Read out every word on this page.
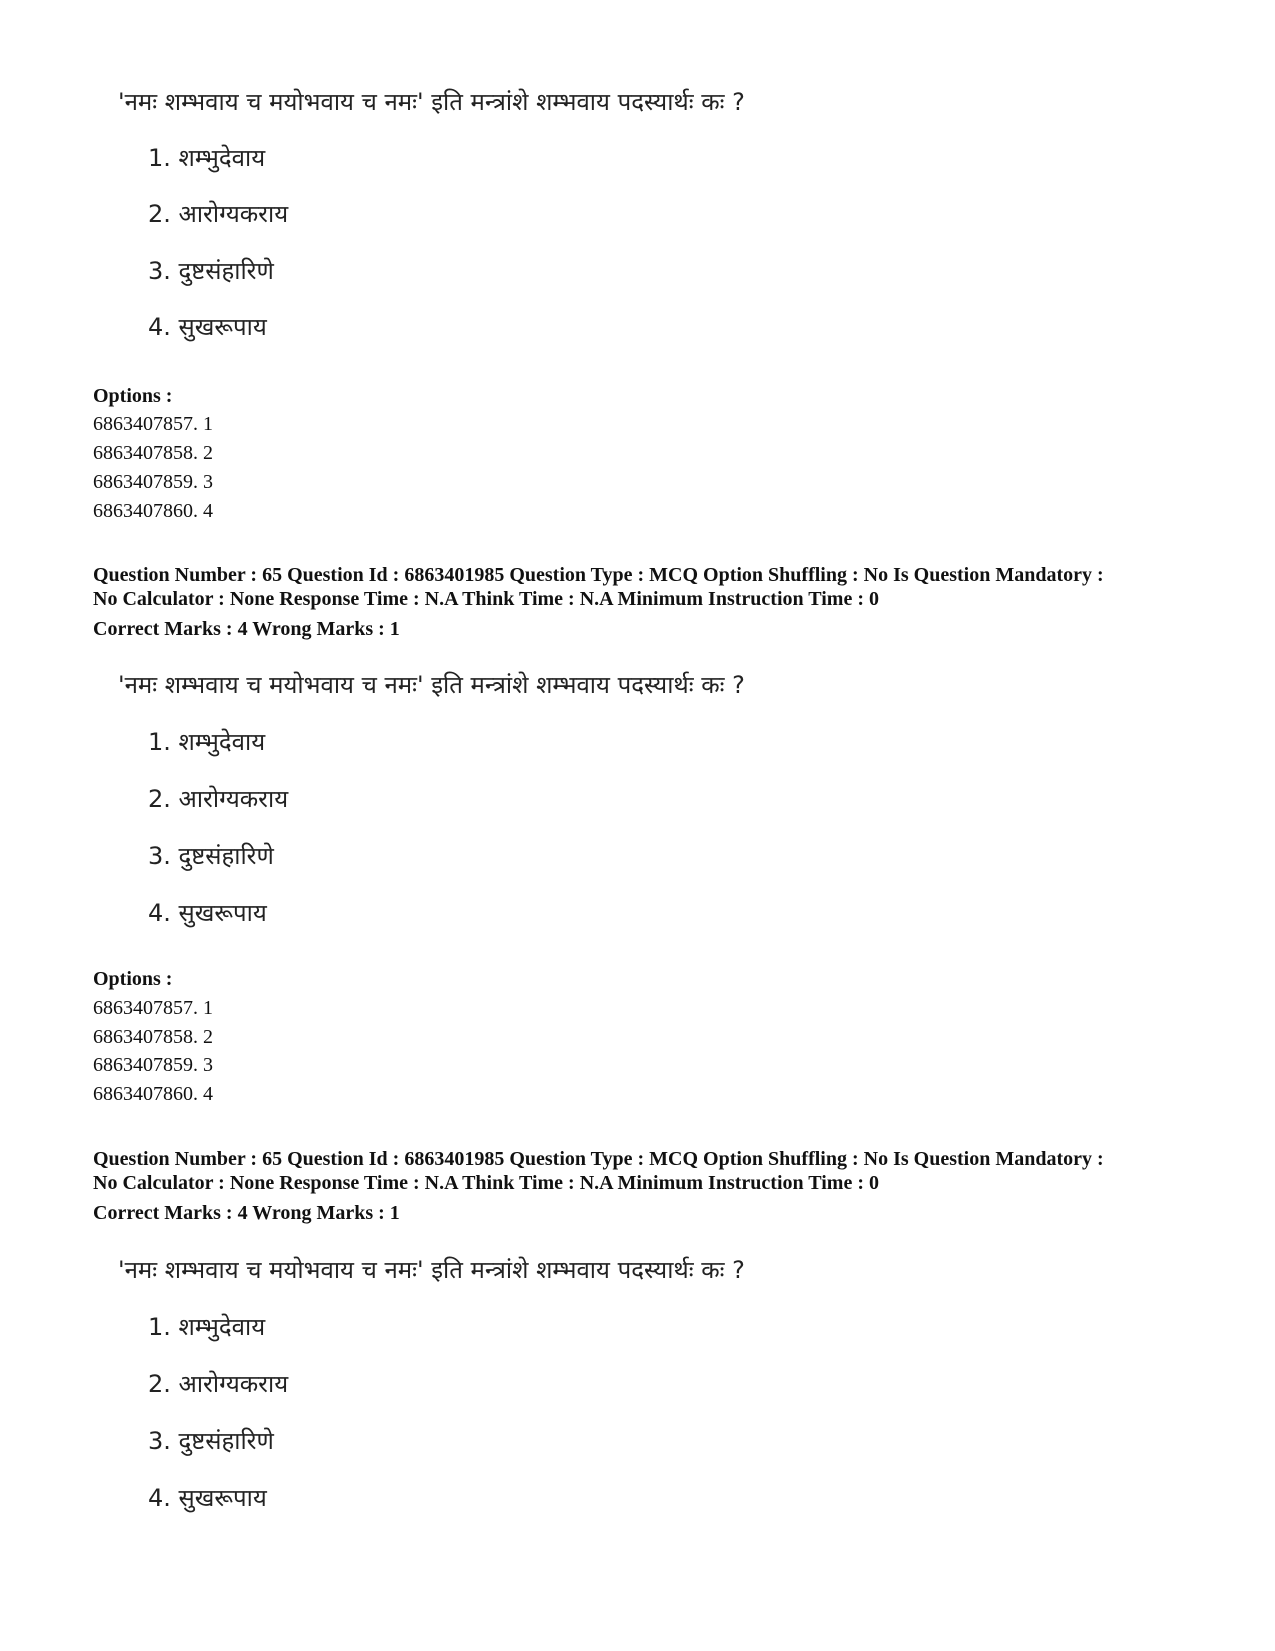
'नमः शम्भवाय च मयोभवाय च नमः' इति मन्त्रांशे शम्भवाय पदस्यार्थः कः ?
1. शम्भुदेवाय
2. आरोग्यकराय
3. दुष्टसंहारिणे
4. सुखरूपाय
Options :
6863407857. 1
6863407858. 2
6863407859. 3
6863407860. 4
Question Number : 65 Question Id : 6863401985 Question Type : MCQ Option Shuffling : No Is Question Mandatory :
No Calculator : None Response Time : N.A Think Time : N.A Minimum Instruction Time : 0
Correct Marks : 4 Wrong Marks : 1
'नमः शम्भवाय च मयोभवाय च नमः' इति मन्त्रांशे शम्भवाय पदस्यार्थः कः ?
1. शम्भुदेवाय
2. आरोग्यकराय
3. दुष्टसंहारिणे
4. सुखरूपाय
Options :
6863407857. 1
6863407858. 2
6863407859. 3
6863407860. 4
Question Number : 65 Question Id : 6863401985 Question Type : MCQ Option Shuffling : No Is Question Mandatory :
No Calculator : None Response Time : N.A Think Time : N.A Minimum Instruction Time : 0
Correct Marks : 4 Wrong Marks : 1
'नमः शम्भवाय च मयोभवाय च नमः' इति मन्त्रांशे शम्भवाय पदस्यार्थः कः ?
1. शम्भुदेवाय
2. आरोग्यकराय
3. दुष्टसंहारिणे
4. सुखरूपाय
